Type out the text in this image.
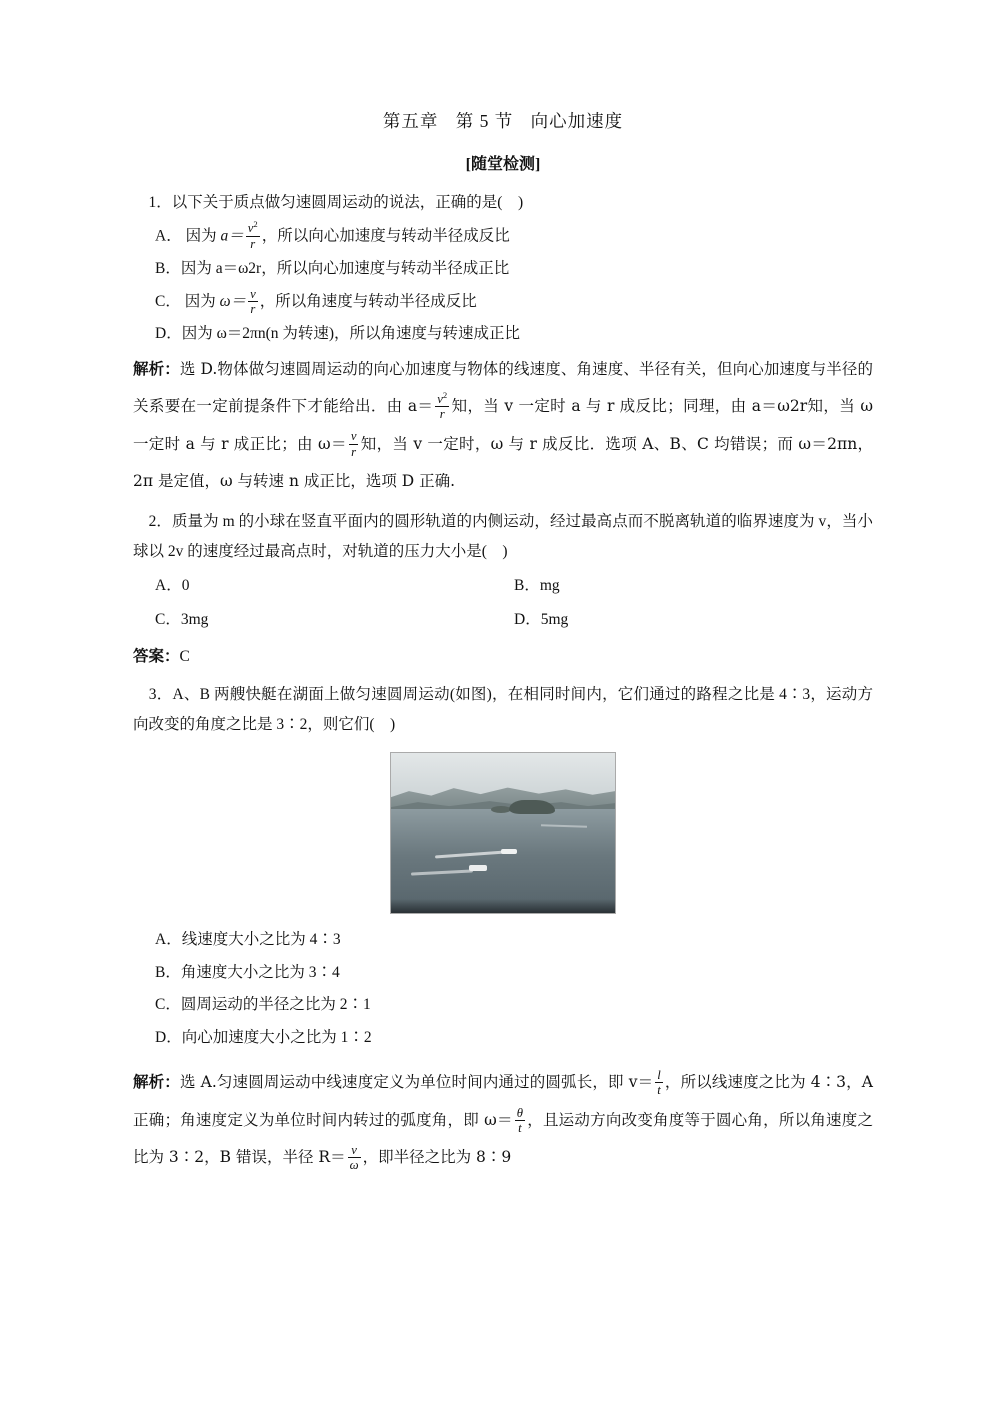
第五章 第 5 节 向心加速度
[随堂检测]
　1．以下关于质点做匀速圆周运动的说法，正确的是(　)
A． 因为 $a= \frac{v^2}{r}$ ，所以向心加速度与转动半径成反比
B．因为 a＝ω2r，所以向心加速度与转动半径成正比
C． 因为 $\omega= \frac{v}{r}$ ，所以角速度与转动半径成反比
D．因为 ω＝2πn(n 为转速)，所以角速度与转速成正比
解析：选 D.物体做匀速圆周运动的向心加速度与物体的线速度、角速度、半径有关，但向心加速度与半径的关系要在一定前提条件下才能给出．由 $a= \frac{v^2}{r}$ 知，当 v 一定时 a 与 r 成反比；同理，由 a＝ω2r知，当 ω 一定时 a 与 r 成正比；由 $\omega= \frac{v}{r}$ 知，当 v 一定时，ω 与 r 成反比．选项 A、B、C 均错误；而 ω＝2πn，2π 是定值，ω 与转速 n 成正比，选项 D 正确.
　2．质量为 m 的小球在竖直平面内的圆形轨道的内侧运动，经过最高点而不脱离轨道的临界速度为 v，当小球以 2v 的速度经过最高点时，对轨道的压力大小是(　)
A．0	B．mg
C．3mg	D．5mg
答案：C
　3．A、B 两艘快艇在湖面上做匀速圆周运动(如图)，在相同时间内，它们通过的路程之比是 4∶3，运动方向改变的角度之比是 3∶2，则它们(　)
A．线速度大小之比为 4∶3
B．角速度大小之比为 3∶4
C．圆周运动的半径之比为 2∶1
D．向心加速度大小之比为 1∶2
解析：选 A.匀速圆周运动中线速度定义为单位时间内通过的圆弧长，即 $v= \frac{l}{t}$ ，所以线速度之比为 4∶3，A 正确；角速度定义为单位时间内转过的弧度角，即 $\omega= \frac{\theta}{t}$ ，且运动方向改变角度等于圆心角，所以角速度之比为 3∶2，B 错误，半径 $R= \frac{v}{\omega}$ ，即半径之比为 8∶9
